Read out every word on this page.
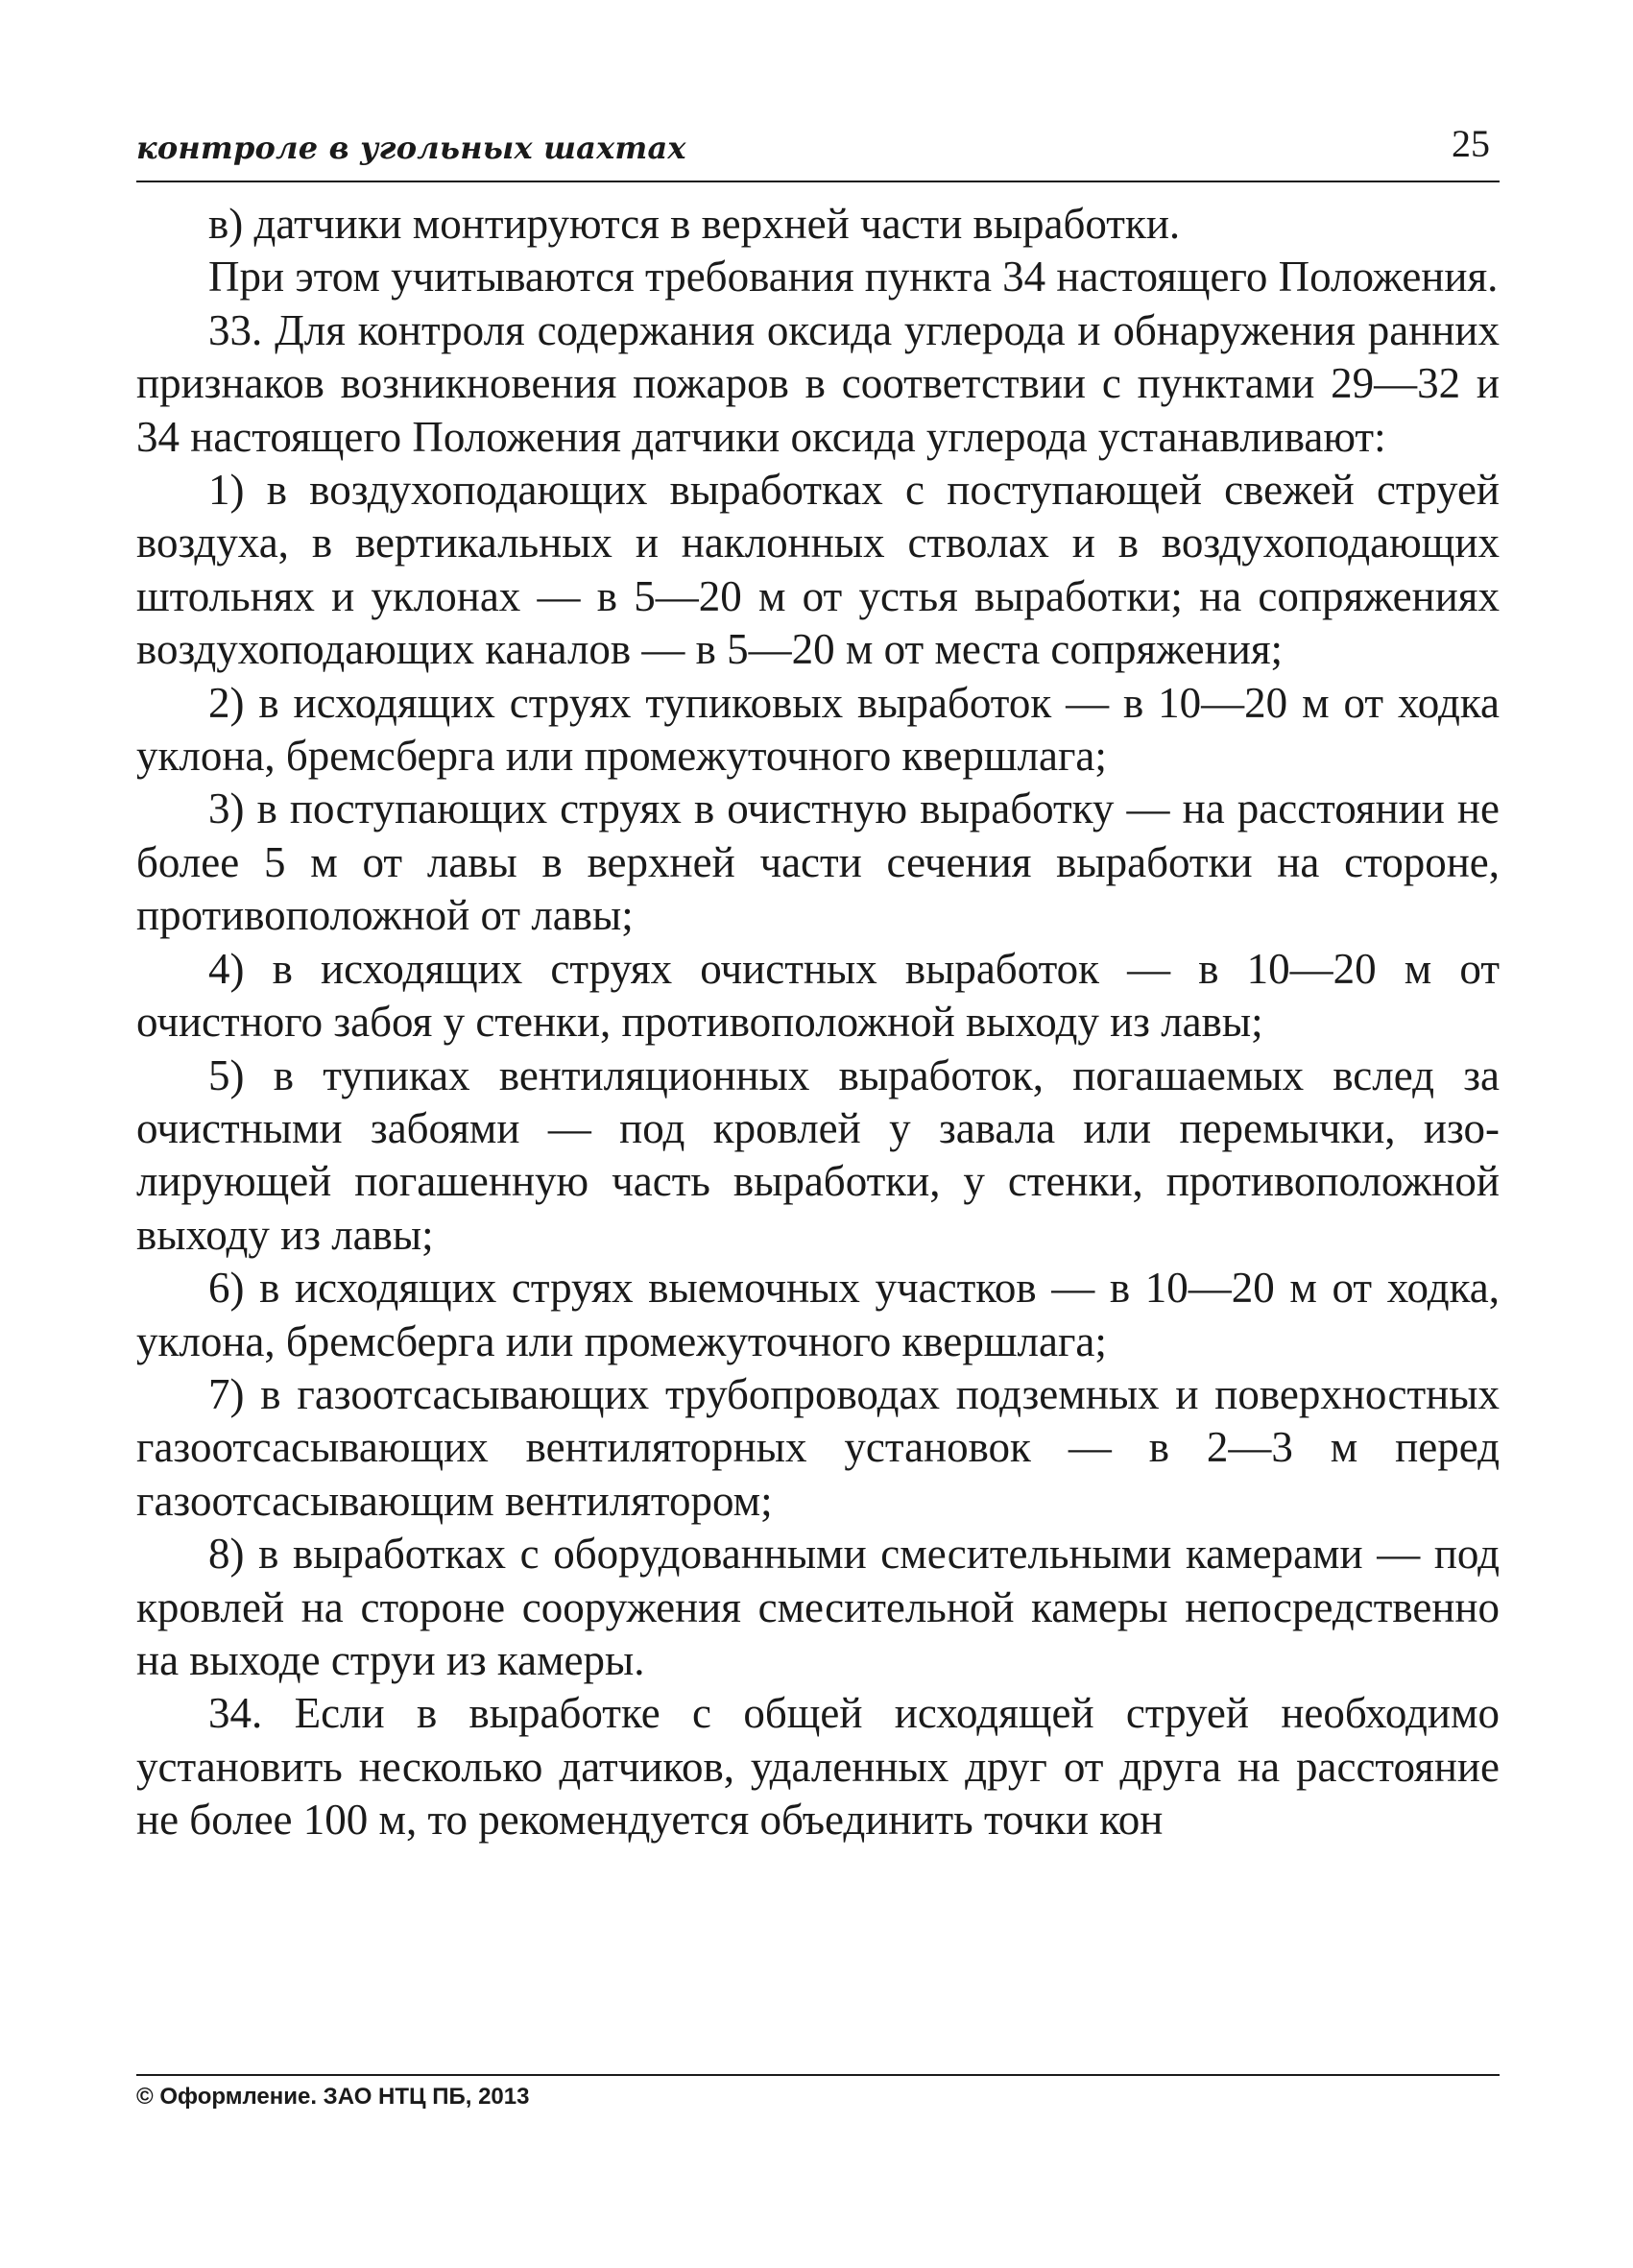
контроле в угольных шахтах	25

в) датчики монтируются в верхней части выработки.

При этом учитываются требования пункта 34 настоящего Положения.

33. Для контроля содержания оксида углерода и обнаружения ранних признаков возникновения пожаров в соответствии с пунктами 29—32 и 34 настоящего Положения датчики оксида углерода устанавливают:

1) в воздухоподающих выработках с поступающей свежей струей воздуха, в вертикальных и наклонных стволах и в воздухоподающих штольнях и уклонах — в 5—20 м от устья выработки; на сопряжениях воздухоподающих каналов — в 5—20 м от места сопряжения;

2) в исходящих струях тупиковых выработок — в 10—20 м от ходка уклона, бремсберга или промежуточного квершлага;

3) в поступающих струях в очистную выработку — на расстоянии не более 5 м от лавы в верхней части сечения выработки на стороне, противоположной от лавы;

4) в исходящих струях очистных выработок — в 10—20 м от очистного забоя у стенки, противоположной выходу из лавы;

5) в тупиках вентиляционных выработок, погашаемых вслед за очистными забоями — под кровлей у завала или перемычки, изолирующей погашенную часть выработки, у стенки, противоположной выходу из лавы;

6) в исходящих струях выемочных участков — в 10—20 м от ходка, уклона, бремсберга или промежуточного квершлага;

7) в газоотсасывающих трубопроводах подземных и поверхностных газоотсасывающих вентиляторных установок — в 2—3 м перед газоотсасывающим вентилятором;

8) в выработках с оборудованными смесительными камерами — под кровлей на стороне сооружения смесительной камеры непосредственно на выходе струи из камеры.

34. Если в выработке с общей исходящей струей необходимо установить несколько датчиков, удаленных друг от друга на расстояние не более 100 м, то рекомендуется объединить точки кон

© Оформление. ЗАО НТЦ ПБ, 2013
